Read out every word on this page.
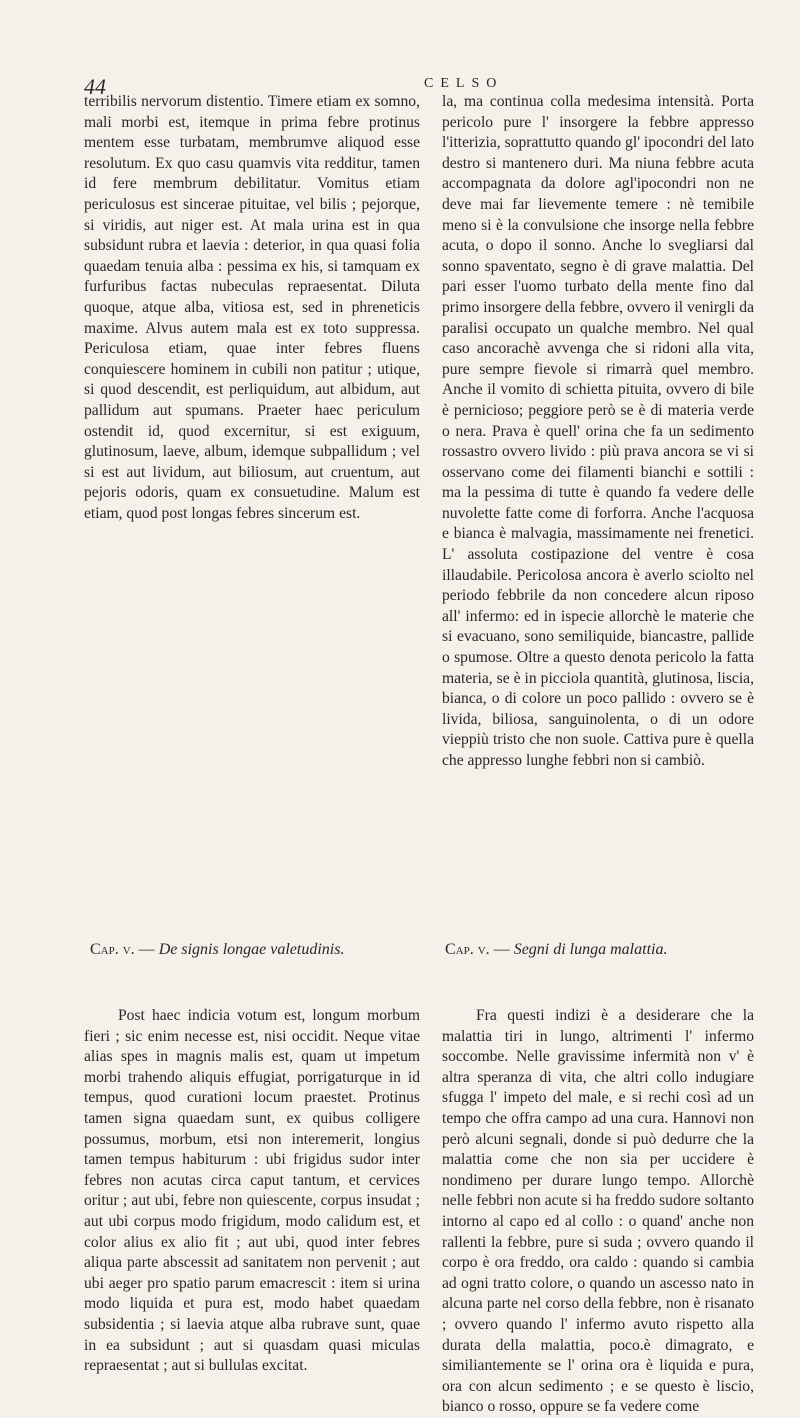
44	CELSO

terribilis nervorum distentio. Timere etiam ex somno, mali morbi est, itemque in prima febre protinus mentem esse turbatam, membrumve aliquod esse resolutum. Ex quo casu quamvis vita redditur, tamen id fere membrum debilitatur. Vomitus etiam periculosus est sincerae pituitae, vel bilis ; pejorque, si viridis, aut niger est. At mala urina est in qua subsidunt rubra et laevia : deterior, in qua quasi folia quaedam tenuia alba : pessima ex his, si tamquam ex furfuribus factas nubeculas repraesentat. Diluta quoque, atque alba, vitiosa est, sed in phreneticis maxime. Alvus autem mala est ex toto suppressa. Periculosa etiam, quae inter febres fluens conquiescere hominem in cubili non patitur ; utique, si quod descendit, est perliquidum, aut albidum, aut pallidum aut spumans. Praeter haec periculum ostendit id, quod excernitur, si est exiguum, glutinosum, laeve, album, idemque subpallidum ; vel si est aut lividum, aut biliosum, aut cruentum, aut pejoris odoris, quam ex consuetudine. Malum est etiam, quod post longas febres sincerum est.

la, ma continua colla medesima intensità. Porta pericolo pure l' insorgere la febbre appresso l'itterizia, soprattutto quando gl' ipocondri del lato destro si mantenero duri. Ma niuna febbre acuta accompagnata da dolore agl'ipocondri non ne deve mai far lievemente temere : nè temibile meno si è la convulsione che insorge nella febbre acuta, o dopo il sonno. Anche lo svegliarsi dal sonno spaventato, segno è di grave malattia. Del pari esser l'uomo turbato della mente fino dal primo insorgere della febbre, ovvero il venirgli da paralisi occupato un qualche membro. Nel qual caso ancorachè avvenga che si ridoni alla vita, pure sempre fievole si rimarrà quel membro. Anche il vomito di schietta pituita, ovvero di bile è pernicioso; peggiore però se è di materia verde o nera. Prava è quell' orina che fa un sedimento rossastro ovvero livido : più prava ancora se vi si osservano come dei filamenti bianchi e sottili : ma la pessima di tutte è quando fa vedere delle nuvolette fatte come di forforra. Anche l'acquosa e bianca è malvagia, massimamente nei frenetici. L' assoluta costipazione del ventre è cosa illaudabile. Pericolosa ancora è averlo sciolto nel periodo febbrile da non concedere alcun riposo all' infermo: ed in ispecie allorchè le materie che si evacuano, sono semiliquide, biancastre, pallide o spumose. Oltre a questo denota pericolo la fatta materia, se è in picciola quantità, glutinosa, liscia, bianca, o di colore un poco pallido : ovvero se è livida, biliosa, sanguinolenta, o di un odore vieppiù tristo che non suole. Cattiva pure è quella che appresso lunghe febbri non si cambiò.

Cap. v. — De signis longae valetudinis.	Cap. v. — Segni di lunga malattia.

Post haec indicia votum est, longum morbum fieri ; sic enim necesse est, nisi occidit. Neque vitae alias spes in magnis malis est, quam ut impetum morbi trahendo aliquis effugiat, porrigaturque in id tempus, quod curationi locum praestet. Protinus tamen signa quaedam sunt, ex quibus colligere possumus, morbum, etsi non interemerit, longius tamen tempus habiturum : ubi frigidus sudor inter febres non acutas circa caput tantum, et cervices oritur ; aut ubi, febre non quiescente, corpus insudat ; aut ubi corpus modo frigidum, modo calidum est, et color alius ex alio fit ; aut ubi, quod inter febres aliqua parte abscessit ad sanitatem non pervenit ; aut ubi aeger pro spatio parum emacrescit : item si urina modo liquida et pura est, modo habet quaedam subsidentia ; si laevia atque alba rubrave sunt, quae in ea subsidunt ; aut si quasdam quasi miculas repraesentat ; aut si bullulas excitat.

Fra questi indizi è a desiderare che la malattia tiri in lungo, altrimenti l' infermo soccombe. Nelle gravissime infermità non v' è altra speranza di vita, che altri collo indugiare sfugga l' impeto del male, e si rechi così ad un tempo che offra campo ad una cura. Hannovi non però alcuni segnali, donde si può dedurre che la malattia come che non sia per uccidere è nondimeno per durare lungo tempo. Allorchè nelle febbri non acute si ha freddo sudore soltanto intorno al capo ed al collo : o quand' anche non rallenti la febbre, pure si suda ; ovvero quando il corpo è ora freddo, ora caldo : quando si cambia ad ogni tratto colore, o quando un ascesso nato in alcuna parte nel corso della febbre, non è risanato ; ovvero quando l' infermo avuto rispetto alla durata della malattia, poco.è dimagrato, e similiantemente se l' orina ora è liquida e pura, ora con alcun sedimento ; e se questo è liscio, bianco o rosso, oppure se fa vedere come
